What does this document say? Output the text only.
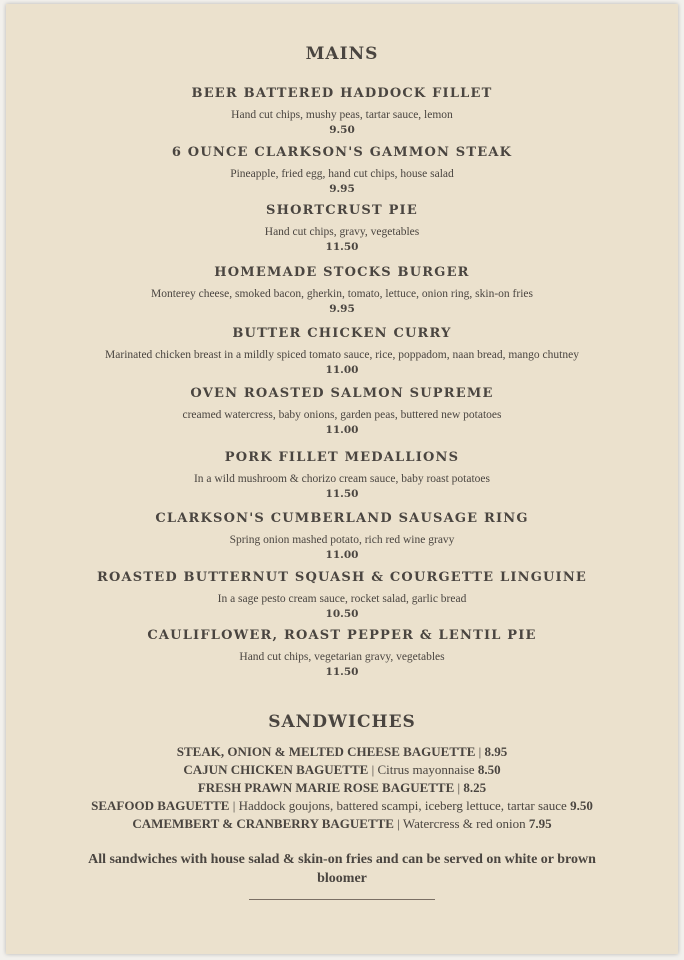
MAINS
BEER BATTERED HADDOCK FILLET
Hand cut chips, mushy peas, tartar sauce, lemon
9.50
6 OUNCE CLARKSON'S GAMMON STEAK
Pineapple, fried egg, hand cut chips, house salad
9.95
SHORTCRUST PIE
Hand cut chips, gravy, vegetables
11.50
HOMEMADE STOCKS BURGER
Monterey cheese, smoked bacon, gherkin, tomato, lettuce, onion ring, skin-on fries
9.95
BUTTER CHICKEN CURRY
Marinated chicken breast in a mildly spiced tomato sauce, rice, poppadom, naan bread, mango chutney
11.00
OVEN ROASTED SALMON SUPREME
creamed watercress, baby onions, garden peas, buttered new potatoes
11.00
PORK FILLET MEDALLIONS
In a wild mushroom & chorizo cream sauce, baby roast potatoes
11.50
CLARKSON'S CUMBERLAND SAUSAGE RING
Spring onion mashed potato, rich red wine gravy
11.00
ROASTED BUTTERNUT SQUASH & COURGETTE LINGUINE
In a sage pesto cream sauce, rocket salad, garlic bread
10.50
CAULIFLOWER, ROAST PEPPER & LENTIL PIE
Hand cut chips, vegetarian gravy, vegetables
11.50
SANDWICHES
STEAK, ONION & MELTED CHEESE BAGUETTE | 8.95
CAJUN CHICKEN BAGUETTE | Citrus mayonnaise 8.50
FRESH PRAWN MARIE ROSE BAGUETTE | 8.25
SEAFOOD BAGUETTE | Haddock goujons, battered scampi, iceberg lettuce, tartar sauce 9.50
CAMEMBERT & CRANBERRY BAGUETTE | Watercress & red onion 7.95
All sandwiches with house salad & skin-on fries and can be served on white or brown bloomer
